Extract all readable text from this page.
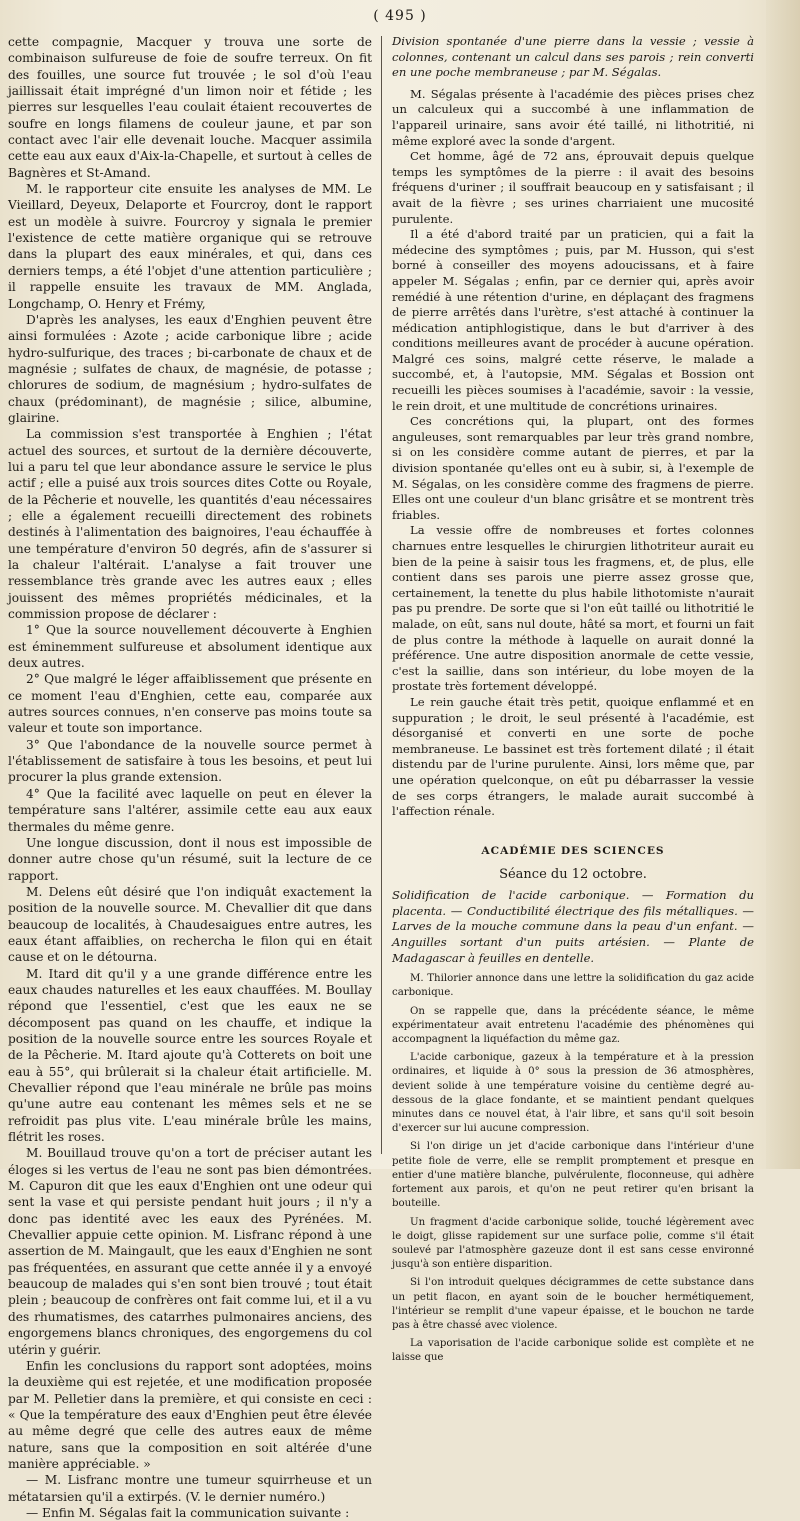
( 495 )

cette compagnie, Macquer y trouva une sorte de combinaison sulfureuse de foie de soufre terreux. On fit des fouilles, une source fut trouvée ; le sol d'où l'eau jaillissait était imprégné d'un limon noir et fétide ; les pierres sur lesquelles l'eau coulait étaient recouvertes de soufre en longs filamens de couleur jaune, et par son contact avec l'air elle devenait louche. Macquer assimila cette eau aux eaux d'Aix-la-Chapelle, et surtout à celles de Bagnères et St-Amand.

M. le rapporteur cite ensuite les analyses de MM. Le Vieillard, Deyeux, Delaporte et Fourcroy, dont le rapport est un modèle à suivre. Fourcroy y signala le premier l'existence de cette matière organique qui se retrouve dans la plupart des eaux minérales, et qui, dans ces derniers temps, a été l'objet d'une attention particulière ; il rappelle ensuite les travaux de MM. Anglada, Longchamp, O. Henry et Frémy,

D'après les analyses, les eaux d'Enghien peuvent être ainsi formulées : Azote ; acide carbonique libre ; acide hydro-sulfurique, des traces ; bi-carbonate de chaux et de magnésie ; sulfates de chaux, de magnésie, de potasse ; chlorures de sodium, de magnésium ; hydro-sulfates de chaux (prédominant), de magnésie ; silice, albumine, glairine.

La commission s'est transportée à Enghien ; l'état actuel des sources, et surtout de la dernière découverte, lui a paru tel que leur abondance assure le service le plus actif ; elle a puisé aux trois sources dites Cotte ou Royale, de la Pêcherie et nouvelle, les quantités d'eau nécessaires ; elle a également recueilli directement des robinets destinés à l'alimentation des baignoires, l'eau échauffée à une température d'environ 50 degrés, afin de s'assurer si la chaleur l'altérait. L'analyse a fait trouver une ressemblance très grande avec les autres eaux ; elles jouissent des mêmes propriétés médicinales, et la commission propose de déclarer :

1° Que la source nouvellement découverte à Enghien est éminemment sulfureuse et absolument identique aux deux autres.

2° Que malgré le léger affaiblissement que présente en ce moment l'eau d'Enghien, cette eau, comparée aux autres sources connues, n'en conserve pas moins toute sa valeur et toute son importance.

3° Que l'abondance de la nouvelle source permet à l'établissement de satisfaire à tous les besoins, et peut lui procurer la plus grande extension.

4° Que la facilité avec laquelle on peut en élever la température sans l'altérer, assimile cette eau aux eaux thermales du même genre.

Une longue discussion, dont il nous est impossible de donner autre chose qu'un résumé, suit la lecture de ce rapport.

M. Delens eût désiré que l'on indiquât exactement la position de la nouvelle source. M. Chevallier dit que dans beaucoup de localités, à Chaudesaigues entre autres, les eaux étant affaiblies, on rechercha le filon qui en était cause et on le détourna.

M. Itard dit qu'il y a une grande différence entre les eaux chaudes naturelles et les eaux chauffées. M. Boullay répond que l'essentiel, c'est que les eaux ne se décomposent pas quand on les chauffe, et indique la position de la nouvelle source entre les sources Royale et de la Pêcherie. M. Itard ajoute qu'à Cotterets on boit une eau à 55°, qui brûlerait si la chaleur était artificielle. M. Chevallier répond que l'eau minérale ne brûle pas moins qu'une autre eau contenant les mêmes sels et ne se refroidit pas plus vite. L'eau minérale brûle les mains, flétrit les roses.

M. Bouillaud trouve qu'on a tort de préciser autant les éloges si les vertus de l'eau ne sont pas bien démontrées. M. Capuron dit que les eaux d'Enghien ont une odeur qui sent la vase et qui persiste pendant huit jours ; il n'y a donc pas identité avec les eaux des Pyrénées. M. Chevallier appuie cette opinion. M. Lisfranc répond à une assertion de M. Maingault, que les eaux d'Enghien ne sont pas fréquentées, en assurant que cette année il y a envoyé beaucoup de malades qui s'en sont bien trouvé ; tout était plein ; beaucoup de confrères ont fait comme lui, et il a vu des rhumatismes, des catarrhes pulmonaires anciens, des engorgemens blancs chroniques, des engorgemens du col utérin y guérir.

Enfin les conclusions du rapport sont adoptées, moins la deuxième qui est rejetée, et une modification proposée par M. Pelletier dans la première, et qui consiste en ceci : « Que la température des eaux d'Enghien peut être élevée au même degré que celle des autres eaux de même nature, sans que la composition en soit altérée d'une manière appréciable. »

— M. Lisfranc montre une tumeur squirrheuse et un métatarsien qu'il a extirpés. (V. le dernier numéro.)

— Enfin M. Ségalas fait la communication suivante :

Division spontanée d'une pierre dans la vessie ; vessie à colonnes, contenant un calcul dans ses parois ; rein converti en une poche membraneuse ; par M. Ségalas.

M. Ségalas présente à l'académie des pièces prises chez un calculeux qui a succombé à une inflammation de l'appareil urinaire, sans avoir été taillé, ni lithotritié, ni même exploré avec la sonde d'argent.

Cet homme, âgé de 72 ans, éprouvait depuis quelque temps les symptômes de la pierre : il avait des besoins fréquens d'uriner ; il souffrait beaucoup en y satisfaisant ; il avait de la fièvre ; ses urines charriaient une mucosité purulente.

Il a été d'abord traité par un praticien, qui a fait la médecine des symptômes ; puis, par M. Husson, qui s'est borné à conseiller des moyens adoucissans, et à faire appeler M. Ségalas ; enfin, par ce dernier qui, après avoir remédié à une rétention d'urine, en déplaçant des fragmens de pierre arrêtés dans l'urètre, s'est attaché à continuer la médication antiphlogistique, dans le but d'arriver à des conditions meilleures avant de procéder à aucune opération. Malgré ces soins, malgré cette réserve, le malade a succombé, et, à l'autopsie, MM. Ségalas et Bossion ont recueilli les pièces soumises à l'académie, savoir : la vessie, le rein droit, et une multitude de concrétions urinaires.

Ces concrétions qui, la plupart, ont des formes anguleuses, sont remarquables par leur très grand nombre, si on les considère comme autant de pierres, et par la division spontanée qu'elles ont eu à subir, si, à l'exemple de M. Ségalas, on les considère comme des fragmens de pierre. Elles ont une couleur d'un blanc grisâtre et se montrent très friables.

La vessie offre de nombreuses et fortes colonnes charnues entre lesquelles le chirurgien lithotriteur aurait eu bien de la peine à saisir tous les fragmens, et, de plus, elle contient dans ses parois une pierre assez grosse que, certainement, la tenette du plus habile lithotomiste n'aurait pas pu prendre. De sorte que si l'on eût taillé ou lithotritié le malade, on eût, sans nul doute, hâté sa mort, et fourni un fait de plus contre la méthode à laquelle on aurait donné la préférence. Une autre disposition anormale de cette vessie, c'est la saillie, dans son intérieur, du lobe moyen de la prostate très fortement développé.

Le rein gauche était très petit, quoique enflammé et en suppuration ; le droit, le seul présenté à l'académie, est désorganisé et converti en une sorte de poche membraneuse. Le bassinet est très fortement dilaté ; il était distendu par de l'urine purulente. Ainsi, lors même que, par une opération quelconque, on eût pu débarrasser la vessie de ses corps étrangers, le malade aurait succombé à l'affection rénale.

ACADÉMIE DES SCIENCES

Séance du 12 octobre.

Solidification de l'acide carbonique. — Formation du placenta. — Conductibilité électrique des fils métalliques. — Larves de la mouche commune dans la peau d'un enfant. — Anguilles sortant d'un puits artésien. — Plante de Madagascar à feuilles en dentelle.

M. Thilorier annonce dans une lettre la solidification du gaz acide carbonique.

On se rappelle que, dans la précédente séance, le même expérimentateur avait entretenu l'académie des phénomènes qui accompagnent la liquéfaction du même gaz.

L'acide carbonique, gazeux à la température et à la pression ordinaires, et liquide à 0° sous la pression de 36 atmosphères, devient solide à une température voisine du centième degré au-dessous de la glace fondante, et se maintient pendant quelques minutes dans ce nouvel état, à l'air libre, et sans qu'il soit besoin d'exercer sur lui aucune compression.

Si l'on dirige un jet d'acide carbonique dans l'intérieur d'une petite fiole de verre, elle se remplit promptement et presque en entier d'une matière blanche, pulvérulente, floconneuse, qui adhère fortement aux parois, et qu'on ne peut retirer qu'en brisant la bouteille.

Un fragment d'acide carbonique solide, touché légèrement avec le doigt, glisse rapidement sur une surface polie, comme s'il était soulevé par l'atmosphère gazeuze dont il est sans cesse environné jusqu'à son entière disparition.

Si l'on introduit quelques décigrammes de cette substance dans un petit flacon, en ayant soin de le boucher hermétiquement, l'intérieur se remplit d'une vapeur épaisse, et le bouchon ne tarde pas à être chassé avec violence.

La vaporisation de l'acide carbonique solide est complète et ne laisse que
